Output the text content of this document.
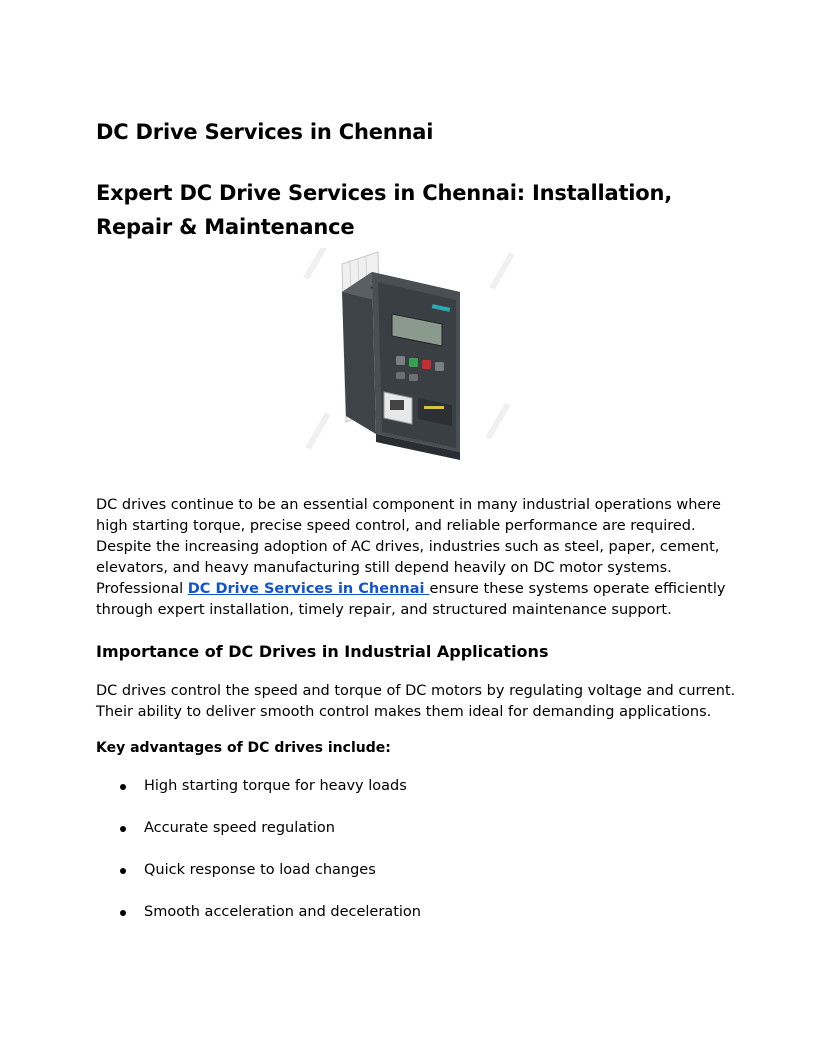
DC Drive Services in Chennai
Expert DC Drive Services in Chennai: Installation, Repair & Maintenance

DC drives continue to be an essential component in many industrial operations where high starting torque, precise speed control, and reliable performance are required. Despite the increasing adoption of AC drives, industries such as steel, paper, cement, elevators, and heavy manufacturing still depend heavily on DC motor systems. Professional DC Drive Services in Chennai ensure these systems operate efficiently through expert installation, timely repair, and structured maintenance support.

Importance of DC Drives in Industrial Applications

DC drives control the speed and torque of DC motors by regulating voltage and current. Their ability to deliver smooth control makes them ideal for demanding applications.

Key advantages of DC drives include:

High starting torque for heavy loads
Accurate speed regulation
Quick response to load changes
Smooth acceleration and deceleration
